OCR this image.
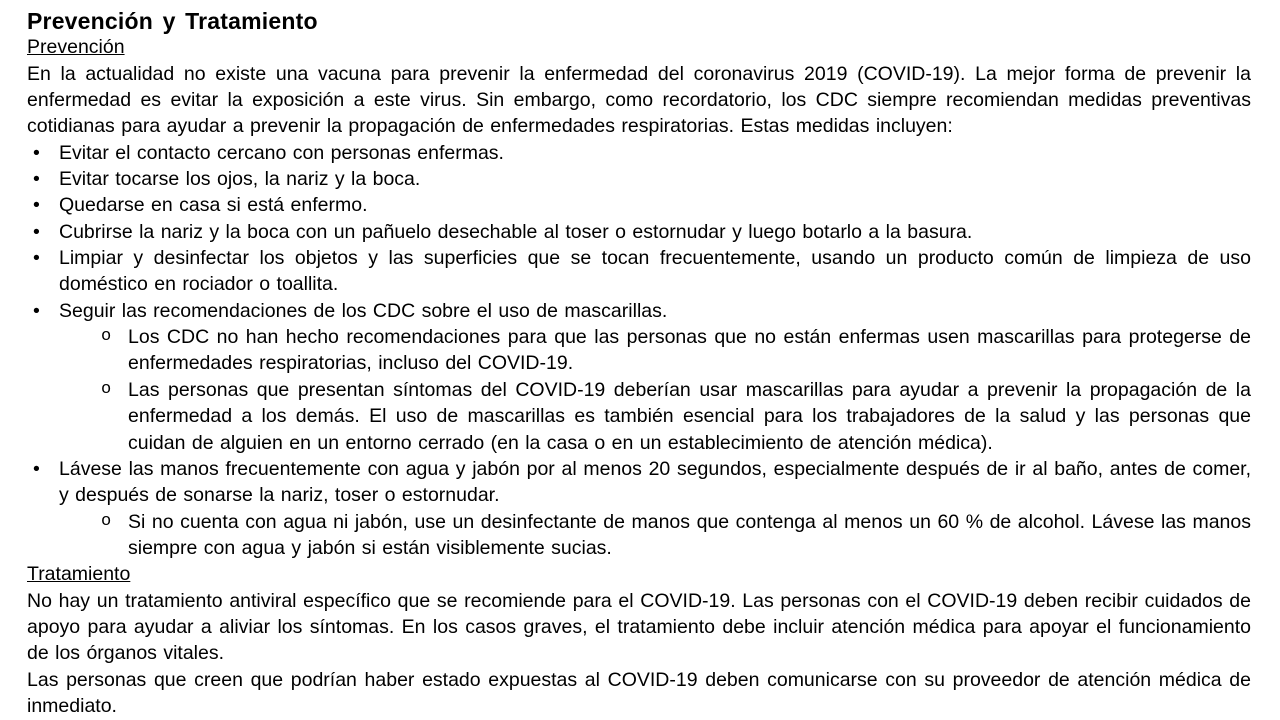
Prevención y Tratamiento
Prevención

En la actualidad no existe una vacuna para prevenir la enfermedad del coronavirus 2019 (COVID-19). La mejor forma de prevenir la enfermedad es evitar la exposición a este virus. Sin embargo, como recordatorio, los CDC siempre recomiendan medidas preventivas cotidianas para ayudar a prevenir la propagación de enfermedades respiratorias. Estas medidas incluyen:

• Evitar el contacto cercano con personas enfermas.
• Evitar tocarse los ojos, la nariz y la boca.
• Quedarse en casa si está enfermo.
• Cubrirse la nariz y la boca con un pañuelo desechable al toser o estornudar y luego botarlo a la basura.
• Limpiar y desinfectar los objetos y las superficies que se tocan frecuentemente, usando un producto común de limpieza de uso doméstico en rociador o toallita.
• Seguir las recomendaciones de los CDC sobre el uso de mascarillas.
o Los CDC no han hecho recomendaciones para que las personas que no están enfermas usen mascarillas para protegerse de enfermedades respiratorias, incluso del COVID-19.
o Las personas que presentan síntomas del COVID-19 deberían usar mascarillas para ayudar a prevenir la propagación de la enfermedad a los demás. El uso de mascarillas es también esencial para los trabajadores de la salud y las personas que cuidan de alguien en un entorno cerrado (en la casa o en un establecimiento de atención médica).
• Lávese las manos frecuentemente con agua y jabón por al menos 20 segundos, especialmente después de ir al baño, antes de comer, y después de sonarse la nariz, toser o estornudar.
o Si no cuenta con agua ni jabón, use un desinfectante de manos que contenga al menos un 60 % de alcohol. Lávese las manos siempre con agua y jabón si están visiblemente sucias.
Tratamiento

No hay un tratamiento antiviral específico que se recomiende para el COVID-19. Las personas con el COVID-19 deben recibir cuidados de apoyo para ayudar a aliviar los síntomas. En los casos graves, el tratamiento debe incluir atención médica para apoyar el funcionamiento de los órganos vitales.

Las personas que creen que podrían haber estado expuestas al COVID-19 deben comunicarse con su proveedor de atención médica de inmediato.
